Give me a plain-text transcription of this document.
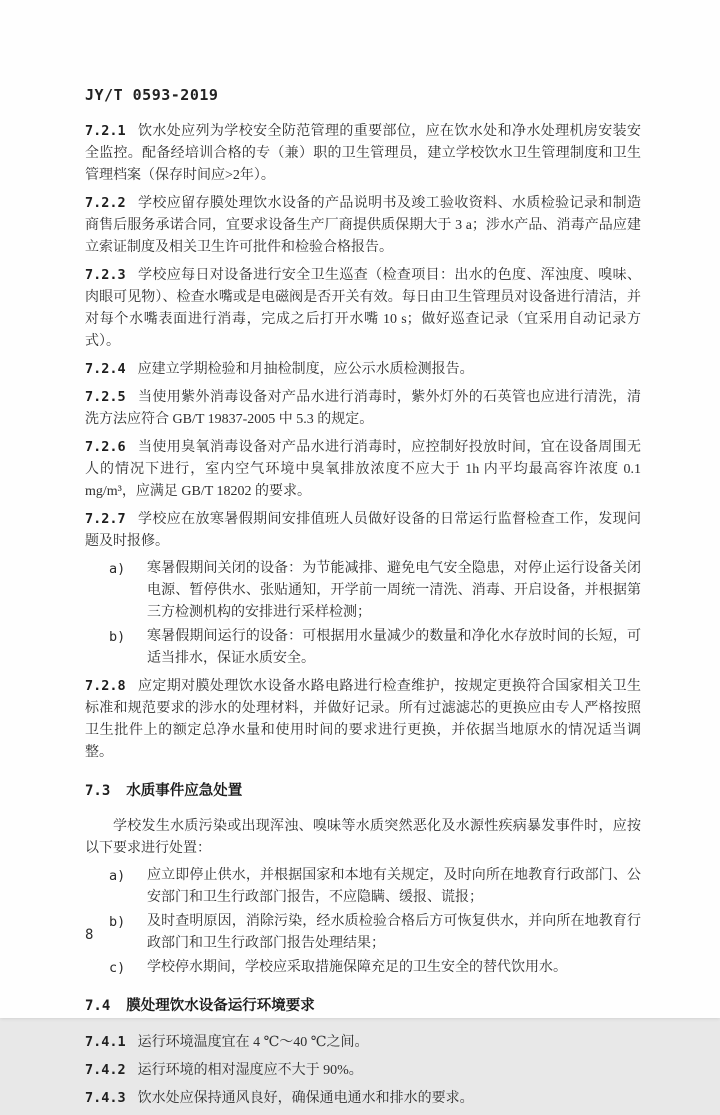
JY/T 0593-2019

7.2.1 饮水处应列为学校安全防范管理的重要部位，应在饮水处和净水处理机房安装安全监控。配备经培训合格的专（兼）职的卫生管理员，建立学校饮水卫生管理制度和卫生管理档案（保存时间应>2年）。

7.2.2 学校应留存膜处理饮水设备的产品说明书及竣工验收资料、水质检验记录和制造商售后服务承诺合同，宜要求设备生产厂商提供质保期大于 3 a；涉水产品、消毒产品应建立索证制度及相关卫生许可批件和检验合格报告。

7.2.3 学校应每日对设备进行安全卫生巡查（检查项目：出水的色度、浑浊度、嗅味、肉眼可见物）、检查水嘴或是电磁阀是否开关有效。每日由卫生管理员对设备进行清洁，并对每个水嘴表面进行消毒，完成之后打开水嘴 10 s；做好巡查记录（宜采用自动记录方式）。

7.2.4 应建立学期检验和月抽检制度，应公示水质检测报告。

7.2.5 当使用紫外消毒设备对产品水进行消毒时，紫外灯外的石英管也应进行清洗，清洗方法应符合 GB/T 19837-2005 中 5.3 的规定。

7.2.6 当使用臭氧消毒设备对产品水进行消毒时，应控制好投放时间，宜在设备周围无人的情况下进行，室内空气环境中臭氧排放浓度不应大于 1h 内平均最高容许浓度 0.1 mg/m³，应满足 GB/T 18202 的要求。

7.2.7 学校应在放寒暑假期间安排值班人员做好设备的日常运行监督检查工作，发现问题及时报修。

a)	寒暑假期间关闭的设备：为节能减排、避免电气安全隐患，对停止运行设备关闭电源、暂停供水、张贴通知，开学前一周统一清洗、消毒、开启设备，并根据第三方检测机构的安排进行采样检测；
b)	寒暑假期间运行的设备：可根据用水量减少的数量和净化水存放时间的长短，可适当排水，保证水质安全。

7.2.8 应定期对膜处理饮水设备水路电路进行检查维护，按规定更换符合国家相关卫生标准和规范要求的涉水的处理材料，并做好记录。所有过滤滤芯的更换应由专人严格按照卫生批件上的额定总净水量和使用时间的要求进行更换，并依据当地原水的情况适当调整。

7.3 水质事件应急处置

学校发生水质污染或出现浑浊、嗅味等水质突然恶化及水源性疾病暴发事件时，应按以下要求进行处置：

a)	应立即停止供水，并根据国家和本地有关规定，及时向所在地教育行政部门、公安部门和卫生行政部门报告，不应隐瞒、缓报、谎报；
b)	及时查明原因，消除污染，经水质检验合格后方可恢复供水，并向所在地教育行政部门和卫生行政部门报告处理结果；
c)	学校停水期间，学校应采取措施保障充足的卫生安全的替代饮用水。
7.4 膜处理饮水设备运行环境要求

7.4.1 运行环境温度宜在 4 ℃～40 ℃之间。

7.4.2 运行环境的相对湿度应不大于 90%。

7.4.3 饮水处应保持通风良好，确保通电通水和排水的要求。

8
